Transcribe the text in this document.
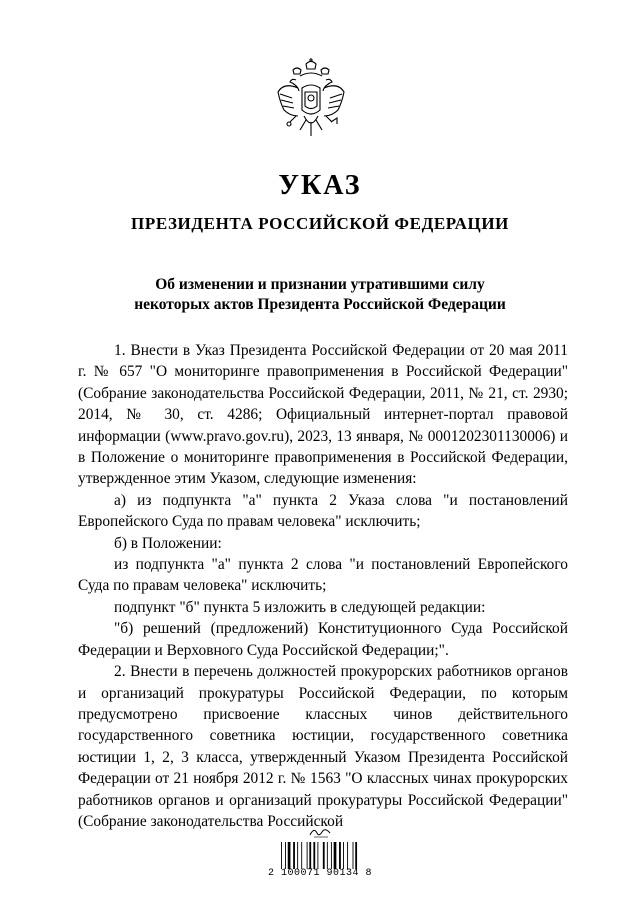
УКАЗ
ПРЕЗИДЕНТА РОССИЙСКОЙ ФЕДЕРАЦИИ
Об изменении и признании утратившими силу
некоторых актов Президента Российской Федерации

1. Внести в Указ Президента Российской Федерации от 20 мая 2011 г. № 657 "О мониторинге правоприменения в Российской Федерации" (Собрание законодательства Российской Федерации, 2011, № 21, ст. 2930; 2014, № 30, ст. 4286; Официальный интернет-портал правовой информации (www.pravo.gov.ru), 2023, 13 января, № 0001202301130006) и в Положение о мониторинге правоприменения в Российской Федерации, утвержденное этим Указом, следующие изменения:

а) из подпункта "а" пункта 2 Указа слова "и постановлений Европейского Суда по правам человека" исключить;

б) в Положении:

из подпункта "а" пункта 2 слова "и постановлений Европейского Суда по правам человека" исключить;

подпункт "б" пункта 5 изложить в следующей редакции:

"б) решений (предложений) Конституционного Суда Российской Федерации и Верховного Суда Российской Федерации;".

2. Внести в перечень должностей прокурорских работников органов и организаций прокуратуры Российской Федерации, по которым предусмотрено присвоение классных чинов действительного государственного советника юстиции, государственного советника юстиции 1, 2, 3 класса, утвержденный Указом Президента Российской Федерации от 21 ноября 2012 г. № 1563 "О классных чинах прокурорских работников органов и организаций прокуратуры Российской Федерации" (Собрание законодательства Российской

2 100071 90134 8
